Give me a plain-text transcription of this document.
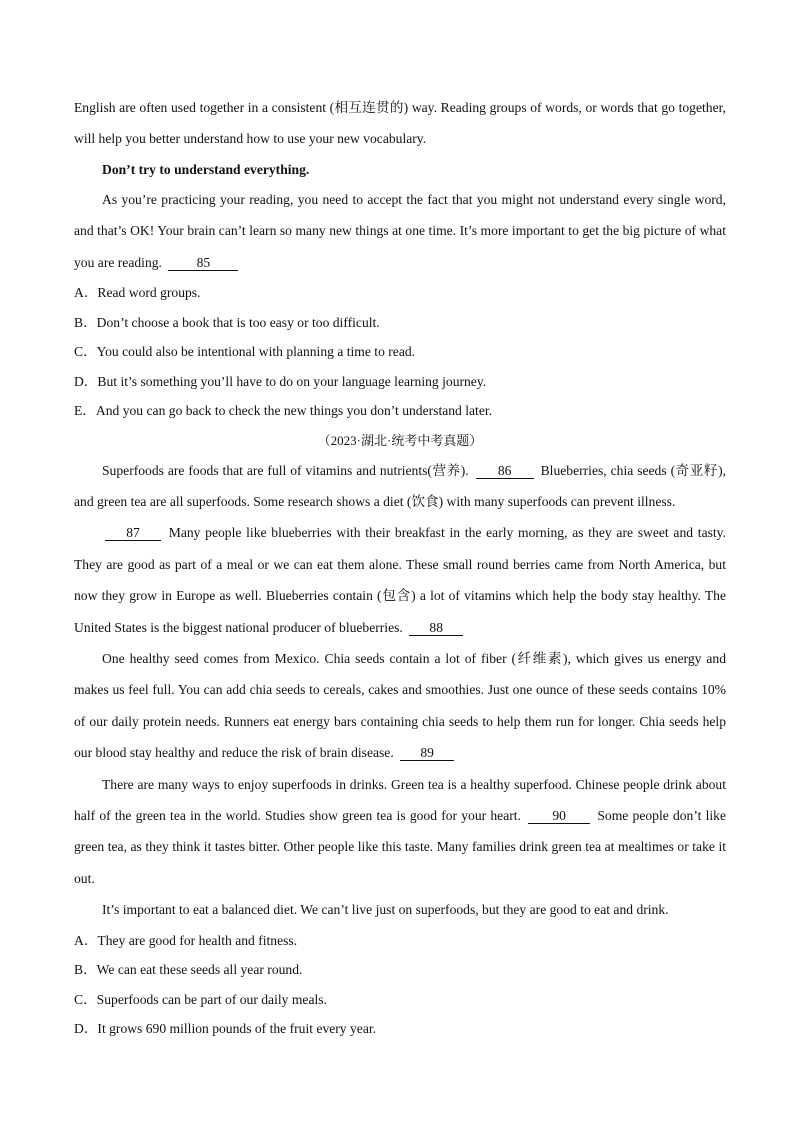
English are often used together in a consistent (相互连贯的) way. Reading groups of words, or words that go together, will help you better understand how to use your new vocabulary.

Don’t try to understand everything.

As you’re practicing your reading, you need to accept the fact that you might not understand every single word, and that’s OK! Your brain can’t learn so many new things at one time. It’s more important to get the big picture of what you are reading.	85

A．Read word groups.

B．Don’t choose a book that is too easy or too difficult.

C．You could also be intentional with planning a time to read.

D．But it’s something you’ll have to do on your language learning journey.

E．And you can go back to check the new things you don’t understand later.

（2023·湖北·统考中考真题）

Superfoods are foods that are full of vitamins and nutrients(营养). 86 Blueberries, chia seeds (奇亚籽), and green tea are all superfoods. Some research shows a diet (饮食) with many superfoods can prevent illness.

87 Many people like blueberries with their breakfast in the early morning, as they are sweet and tasty. They are good as part of a meal or we can eat them alone. These small round berries came from North America, but now they grow in Europe as well. Blueberries contain (包含) a lot of vitamins which help the body stay healthy. The United States is the biggest national producer of blueberries. 88

One healthy seed comes from Mexico. Chia seeds contain a lot of fiber (纤维素), which gives us energy and makes us feel full. You can add chia seeds to cereals, cakes and smoothies. Just one ounce of these seeds contains 10% of our daily protein needs. Runners eat energy bars containing chia seeds to help them run for longer. Chia seeds help our blood stay healthy and reduce the risk of brain disease. 89

There are many ways to enjoy superfoods in drinks. Green tea is a healthy superfood. Chinese people drink about half of the green tea in the world. Studies show green tea is good for your heart. 90 Some people don’t like green tea, as they think it tastes bitter. Other people like this taste. Many families drink green tea at mealtimes or take it out.

It’s important to eat a balanced diet. We can’t live just on superfoods, but they are good to eat and drink.

A．They are good for health and fitness.

B．We can eat these seeds all year round.

C．Superfoods can be part of our daily meals.

D．It grows 690 million pounds of the fruit every year.
